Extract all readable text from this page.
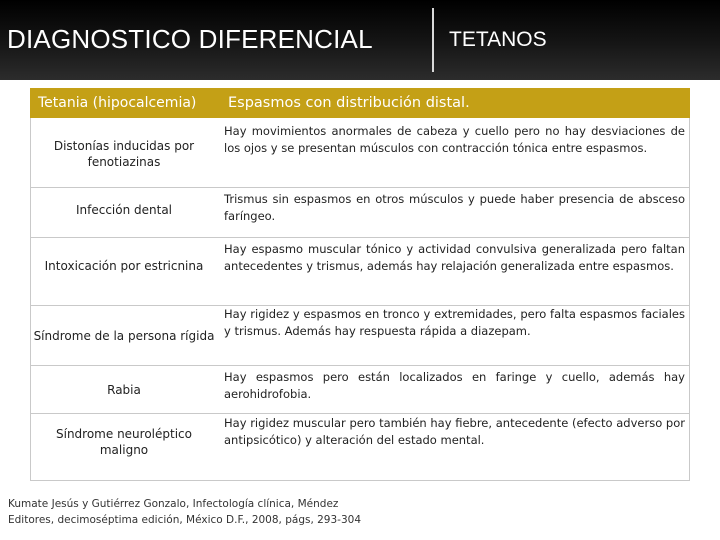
DIAGNOSTICO DIFERENCIAL	TETANOS
Tetania (hipocalcemia)	Espasmos con distribución distal.
Distonías inducidas por fenotiazinas
Hay movimientos anormales de cabeza y cuello pero no hay desviaciones de los ojos y se presentan músculos con contracción tónica entre espasmos.
Infección dental
Trismus sin espasmos en otros músculos y puede haber presencia de absceso faríngeo.
Intoxicación por estricnina
Hay espasmo muscular tónico y actividad convulsiva generalizada pero faltan antecedentes y trismus, además hay relajación generalizada entre espasmos.
Síndrome de la persona rígida
Hay rigidez y espasmos en tronco y extremidades, pero falta espasmos faciales y trismus. Además hay respuesta rápida a diazepam.
Rabia
Hay espasmos pero están localizados en faringe y cuello, además hay aerohidrofobia.
Síndrome neuroléptico maligno
Hay rigidez muscular pero también hay fiebre, antecedente (efecto adverso por antipsicótico) y alteración del estado mental.
Kumate Jesús y Gutiérrez Gonzalo, Infectología clínica, Méndez
Editores, decimoséptima edición, México D.F., 2008, págs, 293-304
